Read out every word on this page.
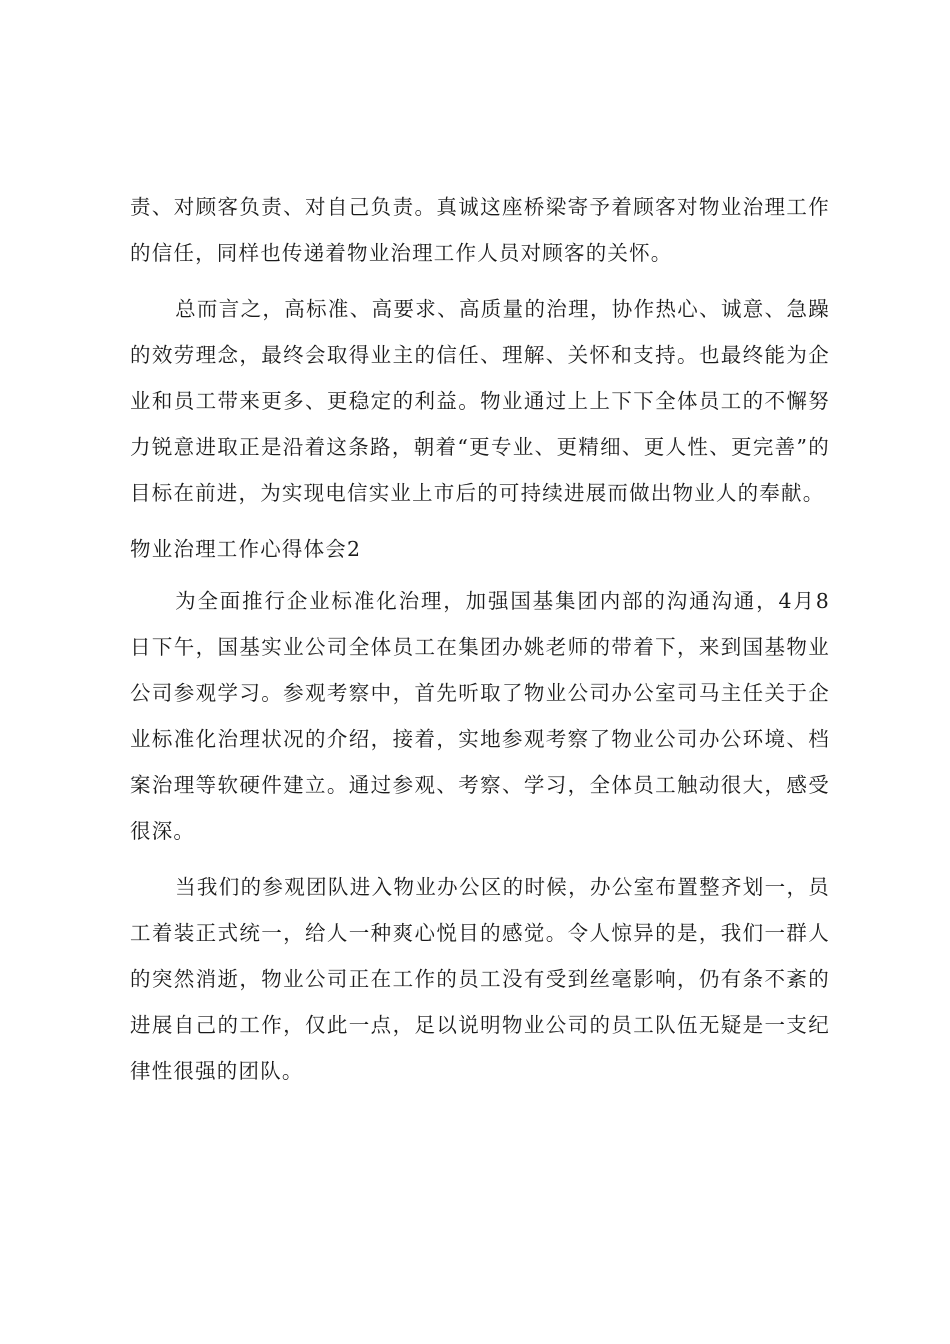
责、对顾客负责、对自己负责。真诚这座桥梁寄予着顾客对物业治理工作的信任，同样也传递着物业治理工作人员对顾客的关怀。

总而言之，高标准、高要求、高质量的治理，协作热心、诚意、急躁的效劳理念，最终会取得业主的信任、理解、关怀和支持。也最终能为企业和员工带来更多、更稳定的利益。物业通过上上下下全体员工的不懈努力锐意进取正是沿着这条路，朝着“更专业、更精细、更人性、更完善”的目标在前进，为实现电信实业上市后的可持续进展而做出物业人的奉献。

物业治理工作心得体会2

为全面推行企业标准化治理，加强国基集团内部的沟通沟通，4月8日下午，国基实业公司全体员工在集团办姚老师的带着下，来到国基物业公司参观学习。参观考察中，首先听取了物业公司办公室司马主任关于企业标准化治理状况的介绍，接着，实地参观考察了物业公司办公环境、档案治理等软硬件建立。通过参观、考察、学习，全体员工触动很大，感受很深。

当我们的参观团队进入物业办公区的时候，办公室布置整齐划一，员工着装正式统一，给人一种爽心悦目的感觉。令人惊异的是，我们一群人的突然消逝，物业公司正在工作的员工没有受到丝毫影响，仍有条不紊的进展自己的工作，仅此一点，足以说明物业公司的员工队伍无疑是一支纪律性很强的团队。
